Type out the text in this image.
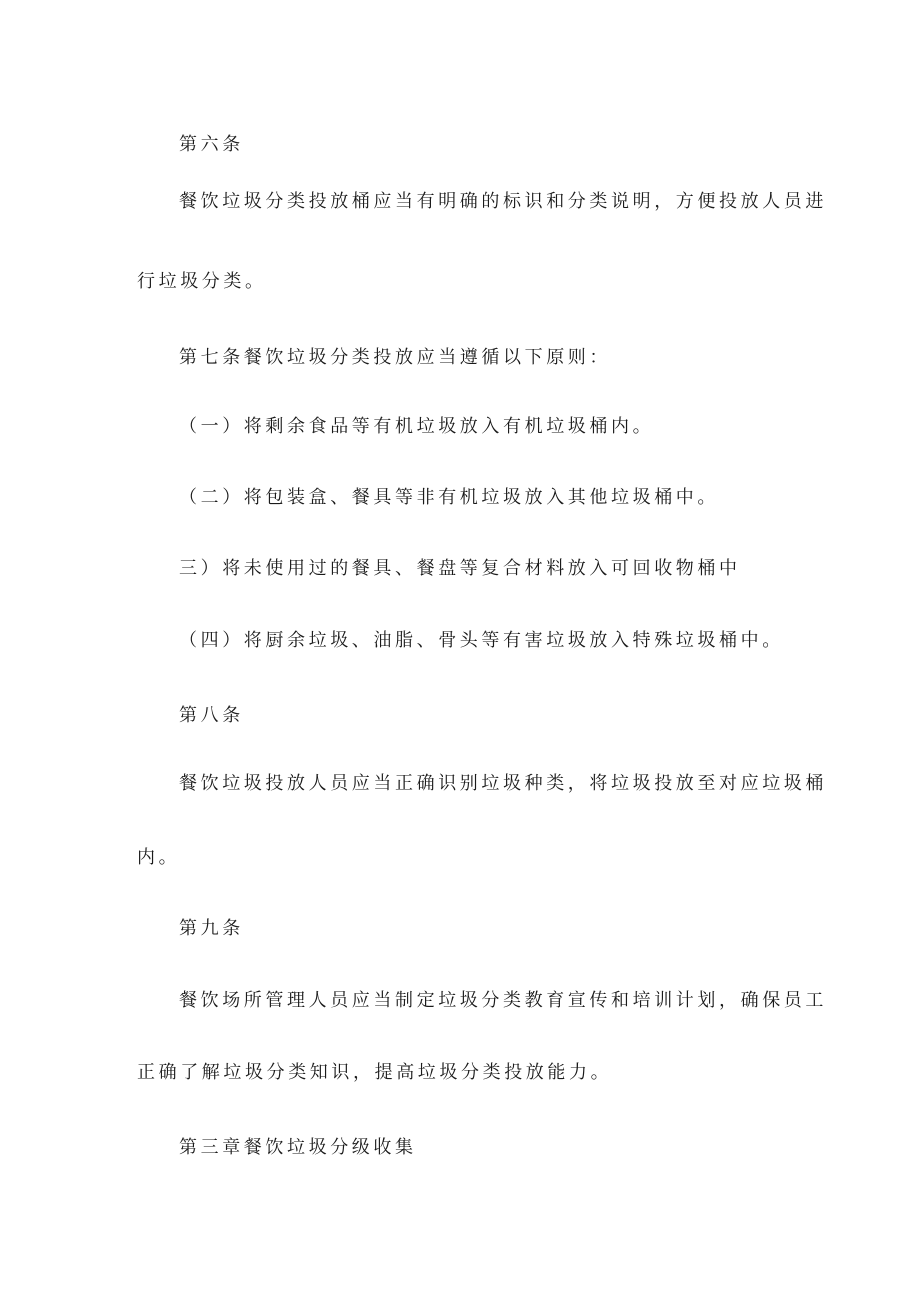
第六条
餐饮垃圾分类投放桶应当有明确的标识和分类说明，方便投放人员进
行垃圾分类。
第七条餐饮垃圾分类投放应当遵循以下原则：
（一）将剩余食品等有机垃圾放入有机垃圾桶内。
（二）将包装盒、餐具等非有机垃圾放入其他垃圾桶中。
三）将未使用过的餐具、餐盘等复合材料放入可回收物桶中
（四）将厨余垃圾、油脂、骨头等有害垃圾放入特殊垃圾桶中。
第八条
餐饮垃圾投放人员应当正确识别垃圾种类，将垃圾投放至对应垃圾桶
内。
第九条
餐饮场所管理人员应当制定垃圾分类教育宣传和培训计划，确保员工
正确了解垃圾分类知识，提高垃圾分类投放能力。
第三章餐饮垃圾分级收集
